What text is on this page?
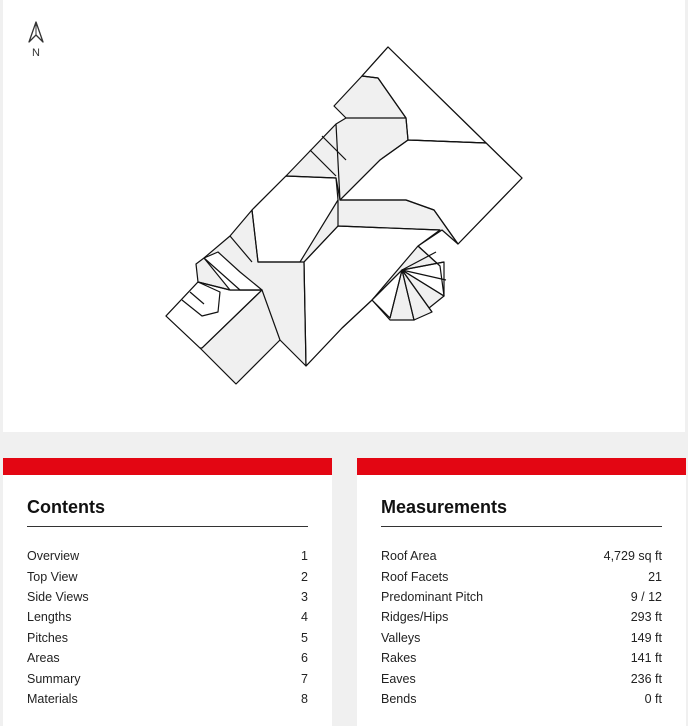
N
Contents
Overview	1
Top View	2
Side Views	3
Lengths	4
Pitches	5
Areas	6
Summary	7
Materials	8
Measurements
Roof Area	4,729 sq ft
Roof Facets	21
Predominant Pitch	9 / 12
Ridges/Hips	293 ft
Valleys	149 ft
Rakes	141 ft
Eaves	236 ft
Bends	0 ft
